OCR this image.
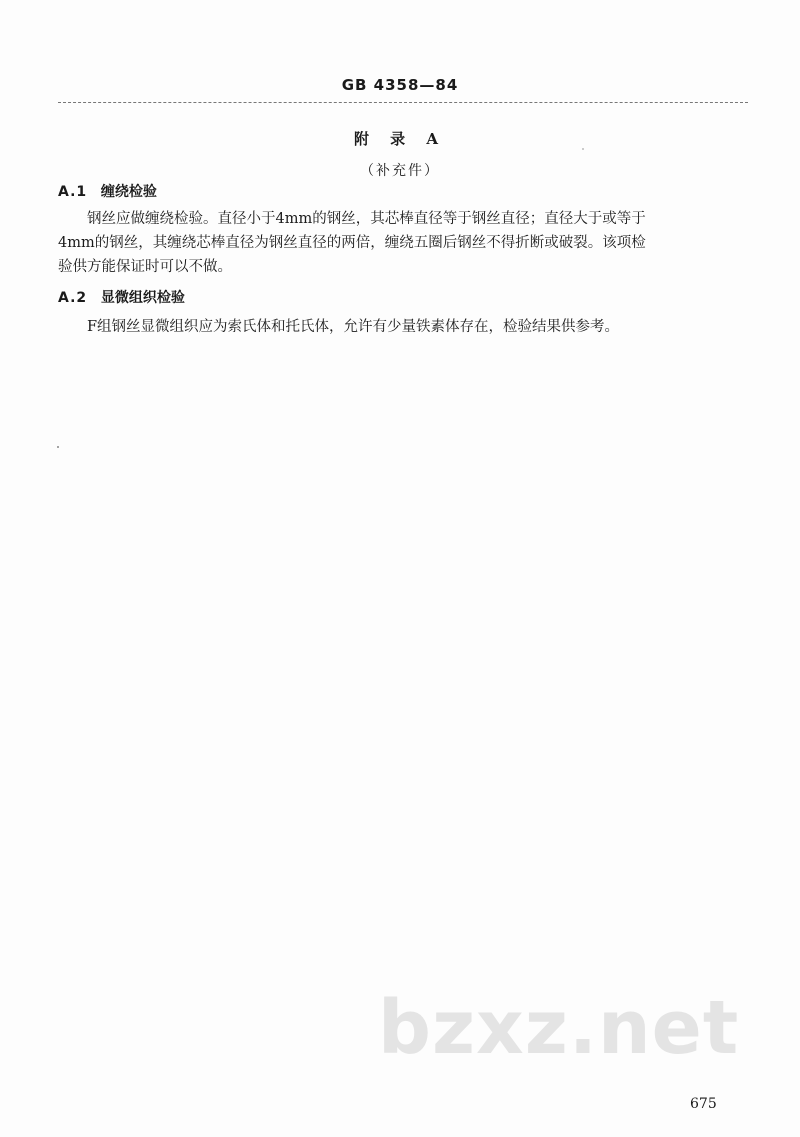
GB 4358—84
附 录 A
（补充件）
A.1 缠绕检验
钢丝应做缠绕检验。直径小于4mm的钢丝，其芯棒直径等于钢丝直径；直径大于或等于
4mm的钢丝，其缠绕芯棒直径为钢丝直径的两倍，缠绕五圈后钢丝不得折断或破裂。该项检
验供方能保证时可以不做。
A.2 显微组织检验
F组钢丝显微组织应为索氏体和托氏体，允许有少量铁素体存在，检验结果供参考。
bzxz.net
675
